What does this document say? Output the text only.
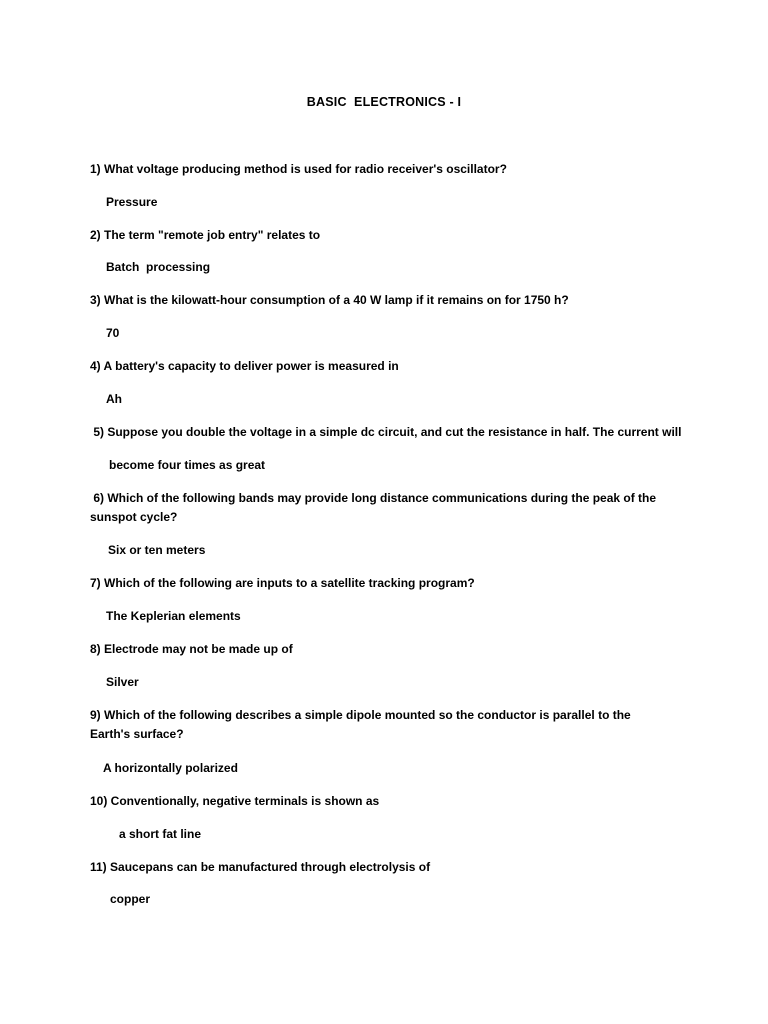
BASIC  ELECTRONICS - I
1) What voltage producing method is used for radio receiver's oscillator?
Pressure
2) The term "remote job entry" relates to
Batch  processing
3) What is the kilowatt-hour consumption of a 40 W lamp if it remains on for 1750 h?
70
4) A battery's capacity to deliver power is measured in
Ah
5) Suppose you double the voltage in a simple dc circuit, and cut the resistance in half. The current will
become four times as great
6) Which of the following bands may provide long distance communications during the peak of the sunspot cycle?
Six or ten meters
7) Which of the following are inputs to a satellite tracking program?
The Keplerian elements
8) Electrode may not be made up of
Silver
9) Which of the following describes a simple dipole mounted so the conductor is parallel to the Earth's surface?
A horizontally polarized
10) Conventionally, negative terminals is shown as
a short fat line
11) Saucepans can be manufactured through electrolysis of
copper
